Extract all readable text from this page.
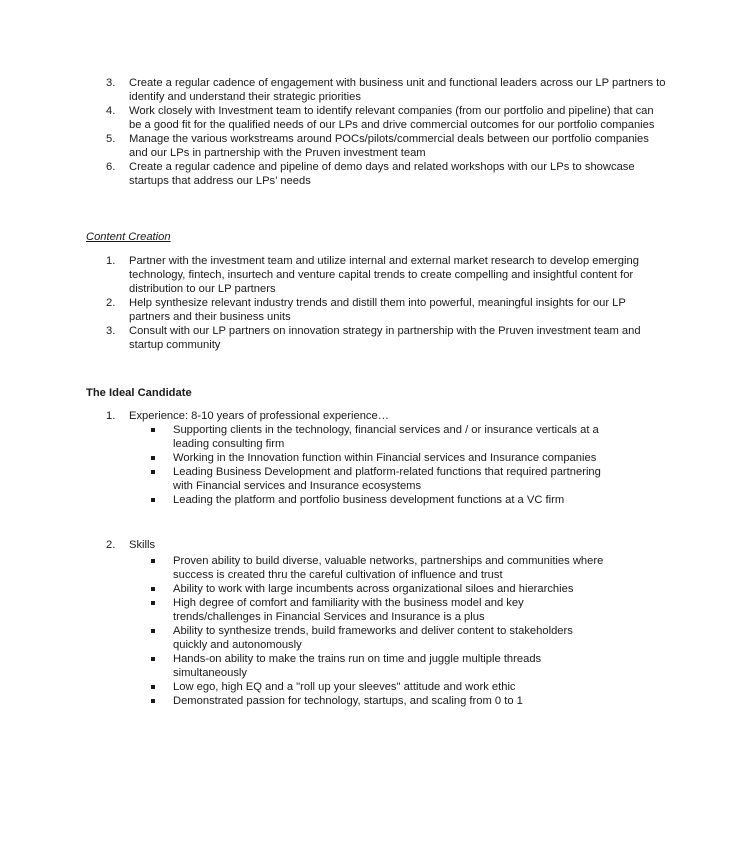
3. Create a regular cadence of engagement with business unit and functional leaders across our LP partners to identify and understand their strategic priorities
4. Work closely with Investment team to identify relevant companies (from our portfolio and pipeline) that can be a good fit for the qualified needs of our LPs and drive commercial outcomes for our portfolio companies
5. Manage the various workstreams around POCs/pilots/commercial deals between our portfolio companies and our LPs in partnership with the Pruven investment team
6. Create a regular cadence and pipeline of demo days and related workshops with our LPs to showcase startups that address our LPs’ needs
Content Creation
1. Partner with the investment team and utilize internal and external market research to develop emerging technology, fintech, insurtech and venture capital trends to create compelling and insightful content for distribution to our LP partners
2. Help synthesize relevant industry trends and distill them into powerful, meaningful insights for our LP partners and their business units
3. Consult with our LP partners on innovation strategy in partnership with the Pruven investment team and startup community
The Ideal Candidate
1. Experience: 8-10 years of professional experience…
Supporting clients in the technology, financial services and / or insurance verticals at a leading consulting firm
Working in the Innovation function within Financial services and Insurance companies
Leading Business Development and platform-related functions that required partnering with Financial services and Insurance ecosystems
Leading the platform and portfolio business development functions at a VC firm
2. Skills
Proven ability to build diverse, valuable networks, partnerships and communities where success is created thru the careful cultivation of influence and trust
Ability to work with large incumbents across organizational siloes and hierarchies
High degree of comfort and familiarity with the business model and key trends/challenges in Financial Services and Insurance is a plus
Ability to synthesize trends, build frameworks and deliver content to stakeholders quickly and autonomously
Hands-on ability to make the trains run on time and juggle multiple threads simultaneously
Low ego, high EQ and a "roll up your sleeves" attitude and work ethic
Demonstrated passion for technology, startups, and scaling from 0 to 1
